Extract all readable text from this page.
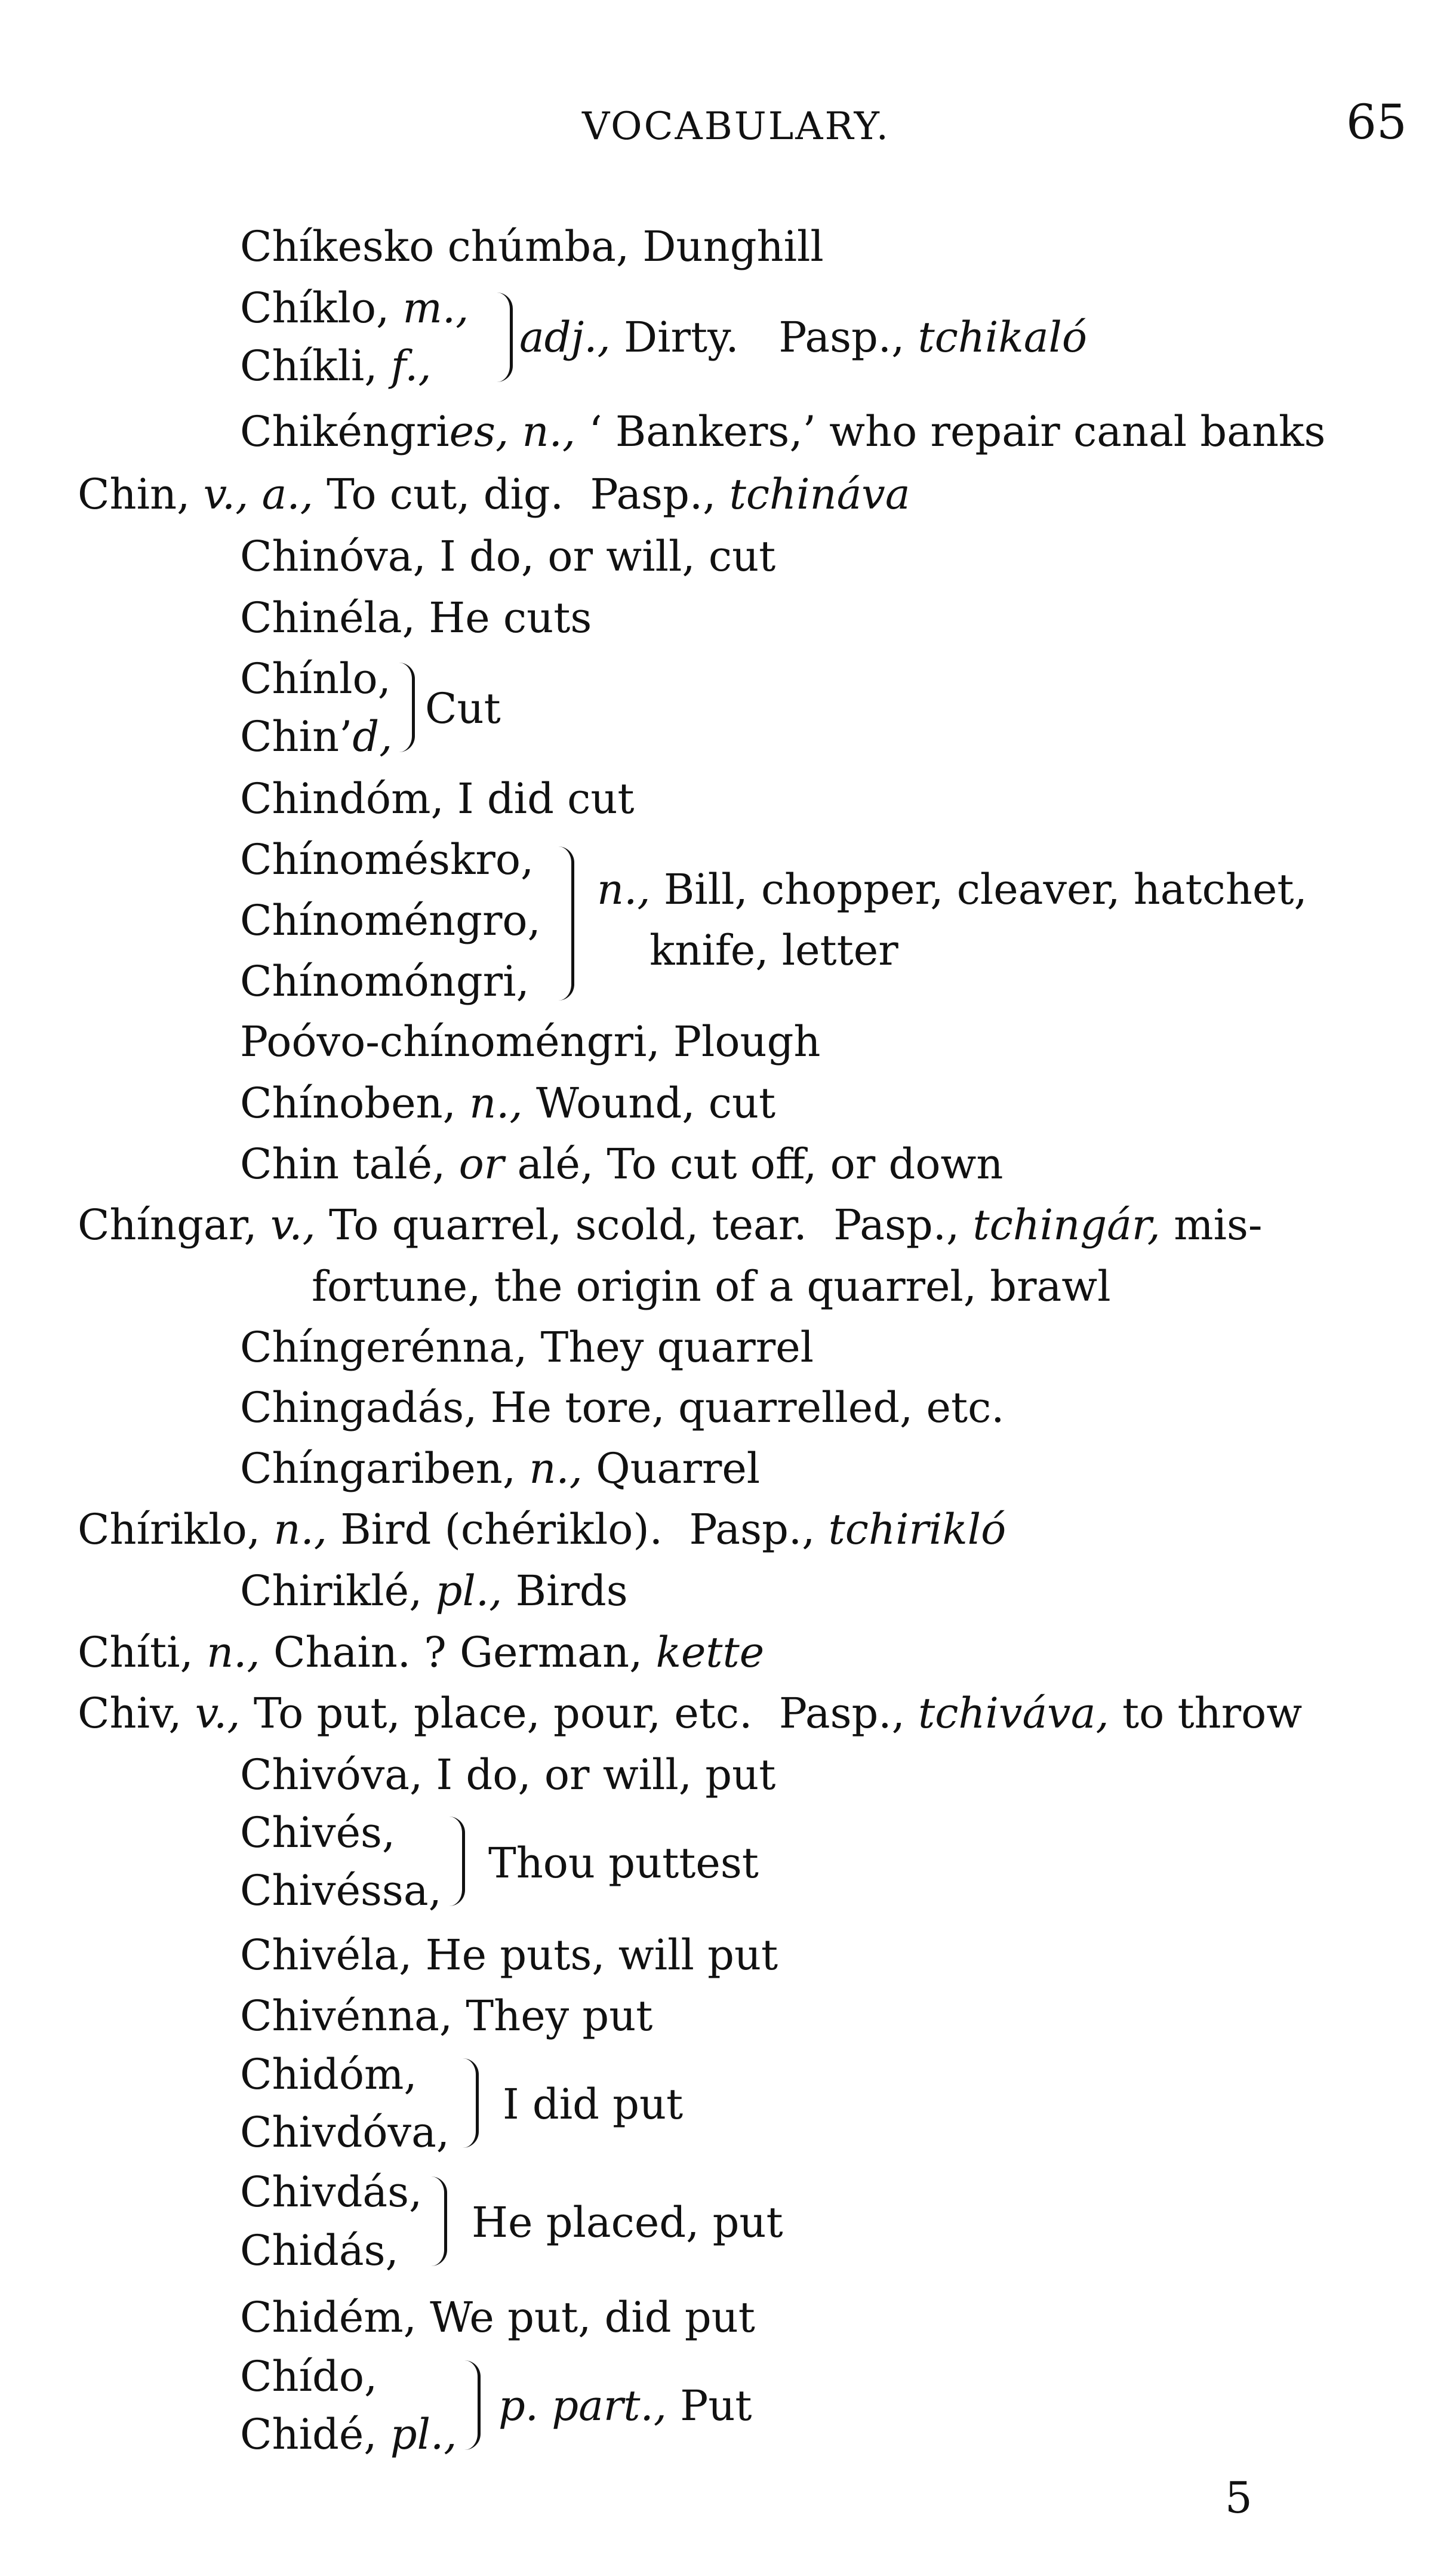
VOCABULARY.	65
Chíkesko chúmba, Dunghill
Chíklo, m.,
Chíkli, f.,
adj., Dirty. Pasp., tchikaló
Chikéngries, n., ‘ Bankers,’ who repair canal banks
Chin, v., a., To cut, dig. Pasp., tchináva
Chinóva, I do, or will, cut
Chinéla, He cuts
Chínlo,
Chin’d,
Cut
Chindóm, I did cut
Chínoméskro,
Chínoméngro,
Chínomóngri,
n., Bill, chopper, cleaver, hatchet,
knife, letter
Poóvo-chínoméngri, Plough
Chínoben, n., Wound, cut
Chin talé, or alé, To cut off, or down
Chíngar, v., To quarrel, scold, tear. Pasp., tchingár, mis-
fortune, the origin of a quarrel, brawl
Chíngerénna, They quarrel
Chingadás, He tore, quarrelled, etc.
Chíngariben, n., Quarrel
Chíriklo, n., Bird (chériklo). Pasp., tchirikló
Chiriklé, pl., Birds
Chíti, n., Chain. ? German, kette
Chiv, v., To put, place, pour, etc. Pasp., tchiváva, to throw
Chivóva, I do, or will, put
Chivés,
Chivéssa,
Thou puttest
Chivéla, He puts, will put
Chivénna, They put
Chidóm,
Chivdóva,
I did put
Chivdás,
Chidás,
He placed, put
Chidém, We put, did put
Chído,
Chidé, pl.,
p. part., Put
5
